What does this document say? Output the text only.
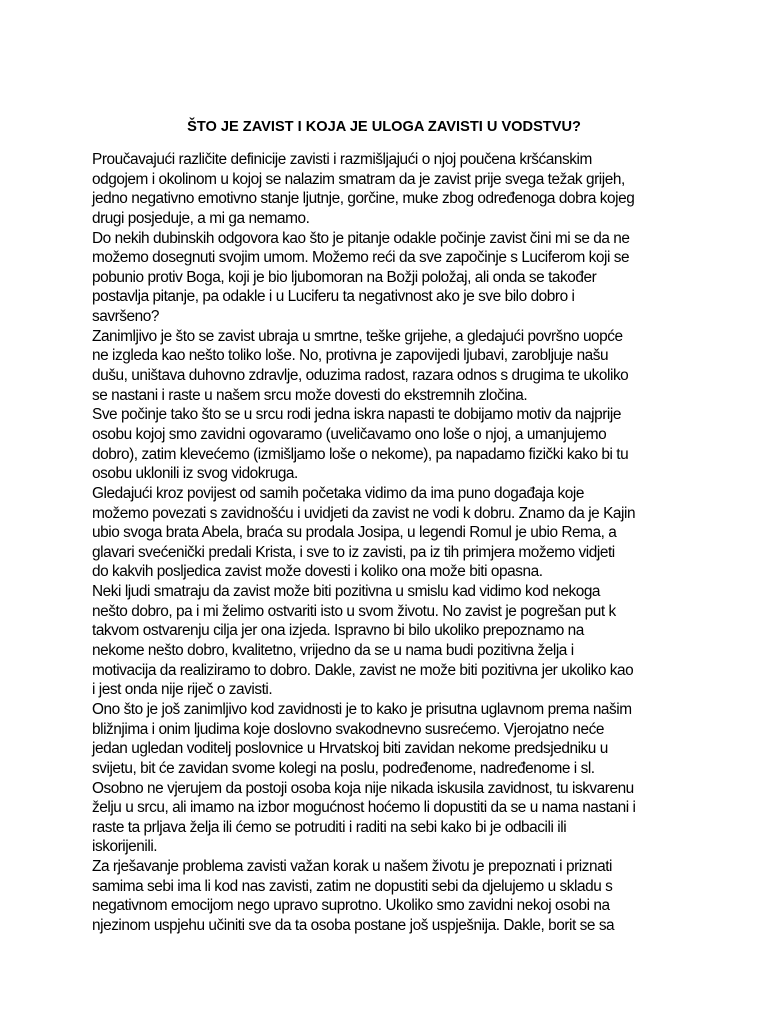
ŠTO JE ZAVIST I KOJA JE ULOGA ZAVISTI U VODSTVU?
Proučavajući različite definicije zavisti i razmišljajući o njoj poučena kršćanskim
odgojem i okolinom u kojoj se nalazim smatram da je zavist prije svega težak grijeh,
jedno negativno emotivno stanje ljutnje, gorčine, muke zbog određenoga dobra kojeg
drugi posjeduje, a mi ga nemamo.
Do nekih dubinskih odgovora kao što je pitanje odakle počinje zavist čini mi se da ne
možemo dosegnuti svojim umom. Možemo reći da sve započinje s Luciferom koji se
pobunio protiv Boga, koji je bio ljubomoran na Božji položaj, ali onda se također
postavlja pitanje, pa odakle i u Luciferu ta negativnost ako je sve bilo dobro i
savršeno?
Zanimljivo je što se zavist ubraja u smrtne, teške grijehe, a gledajući površno uopće
ne izgleda kao nešto toliko loše. No, protivna je zapovijedi ljubavi, zarobljuje našu
dušu, uništava duhovno zdravlje, oduzima radost, razara odnos s drugima te ukoliko
se nastani i raste u našem srcu može dovesti do ekstremnih zločina.
Sve počinje tako što se u srcu rodi jedna iskra napasti te dobijamo motiv da najprije
osobu kojoj smo zavidni ogovaramo (uveličavamo ono loše o njoj, a umanjujemo
dobro), zatim klevećemo (izmišljamo loše o nekome), pa napadamo fizički kako bi tu
osobu uklonili iz svog vidokruga.
Gledajući kroz povijest od samih početaka vidimo da ima puno događaja koje
možemo povezati s zavidnošću i uvidjeti da zavist ne vodi k dobru. Znamo da je Kajin
ubio svoga brata Abela, braća su prodala Josipa, u legendi Romul je ubio Rema, a
glavari svećenički predali Krista, i sve to iz zavisti, pa iz tih primjera možemo vidjeti
do kakvih posljedica zavist može dovesti i koliko ona može biti opasna.
Neki ljudi smatraju da zavist može biti pozitivna u smislu kad vidimo kod nekoga
nešto dobro, pa i mi želimo ostvariti isto u svom životu. No zavist je pogrešan put k
takvom ostvarenju cilja jer ona izjeda. Ispravno bi bilo ukoliko prepoznamo na
nekome nešto dobro, kvalitetno, vrijedno da se u nama budi pozitivna želja i
motivacija da realiziramo to dobro. Dakle, zavist ne može biti pozitivna jer ukoliko kao
i jest onda nije riječ o zavisti.
Ono što je još zanimljivo kod zavidnosti je to kako je prisutna uglavnom prema našim
bližnjima i onim ljudima koje doslovno svakodnevno susrećemo. Vjerojatno neće
jedan ugledan voditelj poslovnice u Hrvatskoj biti zavidan nekome predsjedniku u
svijetu, bit će zavidan svome kolegi na poslu, podređenome, nadređenome i sl.
Osobno ne vjerujem da postoji osoba koja nije nikada iskusila zavidnost, tu iskvarenu
želju u srcu, ali imamo na izbor mogućnost hoćemo li dopustiti da se u nama nastani i
raste ta prljava želja ili ćemo se potruditi i raditi na sebi kako bi je odbacili ili
iskorijenili.
Za rješavanje problema zavisti važan korak u našem životu je prepoznati i priznati
samima sebi ima li kod nas zavisti, zatim ne dopustiti sebi da djelujemo u skladu s
negativnom emocijom nego upravo suprotno. Ukoliko smo zavidni nekoj osobi na
njezinom uspjehu učiniti sve da ta osoba postane još uspješnija. Dakle, borit se sa
